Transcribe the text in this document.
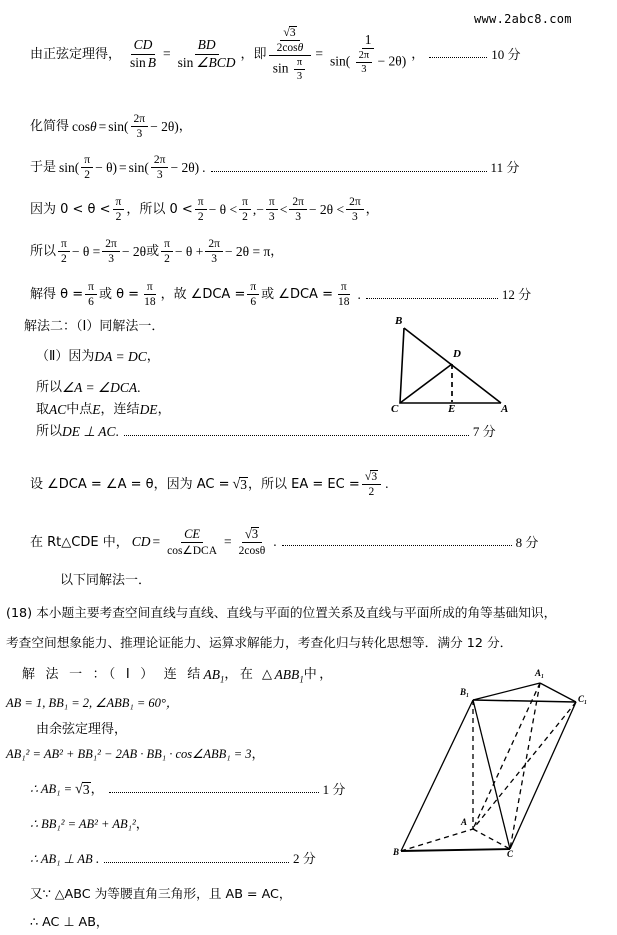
www.2abc8.com
由正弦定理得， $\frac{CD}{\text{sin B}} = \frac{BD}{\text{sin ∠BCD}}$ ， 即 $\frac{\frac{√ 3}{2\cos\theta}}{\sin \frac{\pi}{3}}$ =
1
$\sin( \frac{2\pi}{3} - 2\theta)$ ，	10 分
化简得 $\cos \theta = \sin( \frac{2\pi}{3} - 2\theta)$ ，
于是 $\sin( \frac{\pi}{2} - \theta) = \sin( \frac{2\pi}{3} - 2\theta)$ .	11 分
因为 $0 < \theta < \frac{\pi}{2}$ ，所以 $0 < \frac{\pi}{2} - \theta < \frac{\pi}{2}$ ,− $\frac{\pi}{3} < \frac{2\pi}{3} - 2\theta < \frac{2\pi}{3}$ ，
所以 $\frac{\pi}{2} - \theta = \frac{2\pi}{3} - 2\theta$ 或 $\frac{\pi}{2} - \theta + \frac{2\pi}{3} - 2\theta = \pi$ ，
解得 $\theta = \frac{\pi}{6}$ 或 $\theta = \frac{\pi}{18}$ ，故 ∠DCA = $\frac{\pi}{6}$ 或 ∠DCA = $\frac{\pi}{18}$ .	12 分
解法二：（Ⅰ）同解法一．
（Ⅱ）因为 DA = DC ，
所以 ∠A = ∠DCA .
取 AC 中点 E ，连结 DE ，
所以 DE ⊥ AC .	7 分
设 ∠DCA = ∠A = θ，因为 AC = √ 3 ，所以 EA = EC = $\frac{√ 3}{2}$ .
在 Rt△CDE 中， CD = $\frac{CE}{\text{cos∠DCA}} = \frac{√ 3}{2\cos\theta}$ .	8 分
以下同解法一．
B
D
C	E	A
(18) 本小题主要考查空间直线与直线、直线与平面的位置关系及直线与平面所成的角等基础知识，
考查空间想象能力、推理论证能力、运算求解能力，考查化归与转化思想等．满分 12 分．
解 法 一 ：（ Ⅰ ） 连 结 $AB_1$ ，在 △ $ABB_1$ 中，
AB = 1, BB₁ = 2, ∠ABB₁ = 60°，
由余弦定理得，
AB₁² = AB² + BB₁² − 2AB · BB₁ · cos∠ABB₁ = 3 ，
∴ AB₁ = √ 3 ，	1 分
∴ BB₁² = AB² + AB₁² ，
∴ AB₁ ⊥ AB .	2 分
又∵ △ABC 为等腰直角三角形，且 AB = AC，
∴ AC ⊥ AB，
A₁
B₁
C₁
A
B	C
